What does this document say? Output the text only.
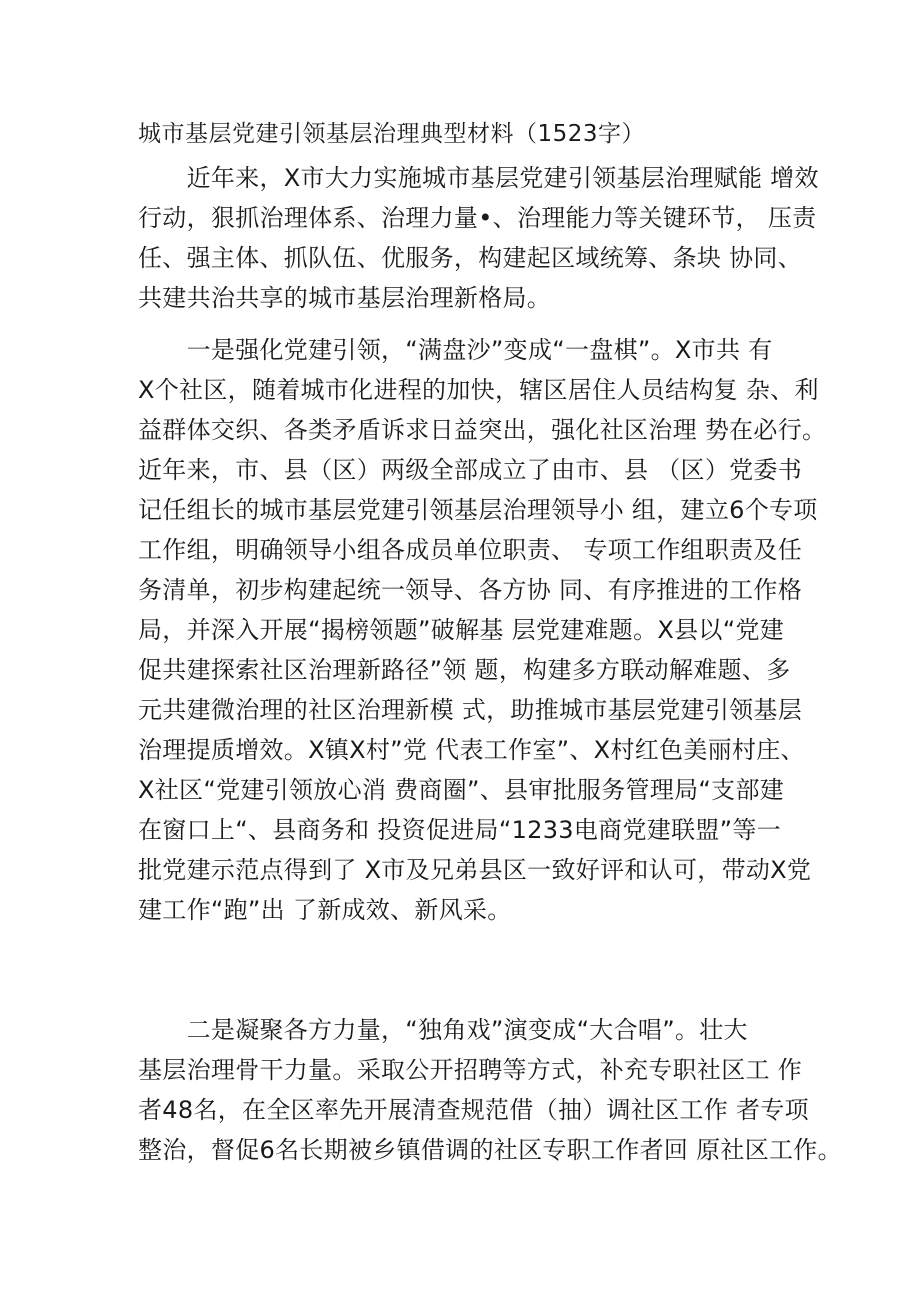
城市基层党建引领基层治理典型材料（1523字）
　　近年来，X市大力实施城市基层党建引领基层治理赋能 增效
行动，狠抓治理体系、治理力量•、治理能力等关键环节， 压责
任、强主体、抓队伍、优服务，构建起区域统筹、条块 协同、
共建共治共享的城市基层治理新格局。
　　一是强化党建引领，“满盘沙”变成“一盘棋”。X市共 有
X个社区，随着城市化进程的加快，辖区居住人员结构复 杂、利
益群体交织、各类矛盾诉求日益突出，强化社区治理 势在必行。
近年来，市、县（区）两级全部成立了由市、县 （区）党委书
记任组长的城市基层党建引领基层治理领导小 组，建立6个专项
工作组，明确领导小组各成员单位职责、 专项工作组职责及任
务清单，初步构建起统一领导、各方协 同、有序推进的工作格
局，并深入开展“揭榜领题”破解基 层党建难题。X县以“党建
促共建探索社区治理新路径”领 题，构建多方联动解难题、多
元共建微治理的社区治理新模 式，助推城市基层党建引领基层
治理提质增效。X镇X村”党 代表工作室”、X村红色美丽村庄、
X社区“党建引领放心消 费商圈”、县审批服务管理局“支部建
在窗口上“、县商务和 投资促进局“1233电商党建联盟”等一
批党建示范点得到了 X市及兄弟县区一致好评和认可，带动X党
建工作“跑”出 了新成效、新风采。
　　二是凝聚各方力量，“独角戏”演变成“大合唱”。壮大
基层治理骨干力量。采取公开招聘等方式，补充专职社区工 作
者48名，在全区率先开展清查规范借（抽）调社区工作 者专项
整治，督促6名长期被乡镇借调的社区专职工作者回 原社区工作。
